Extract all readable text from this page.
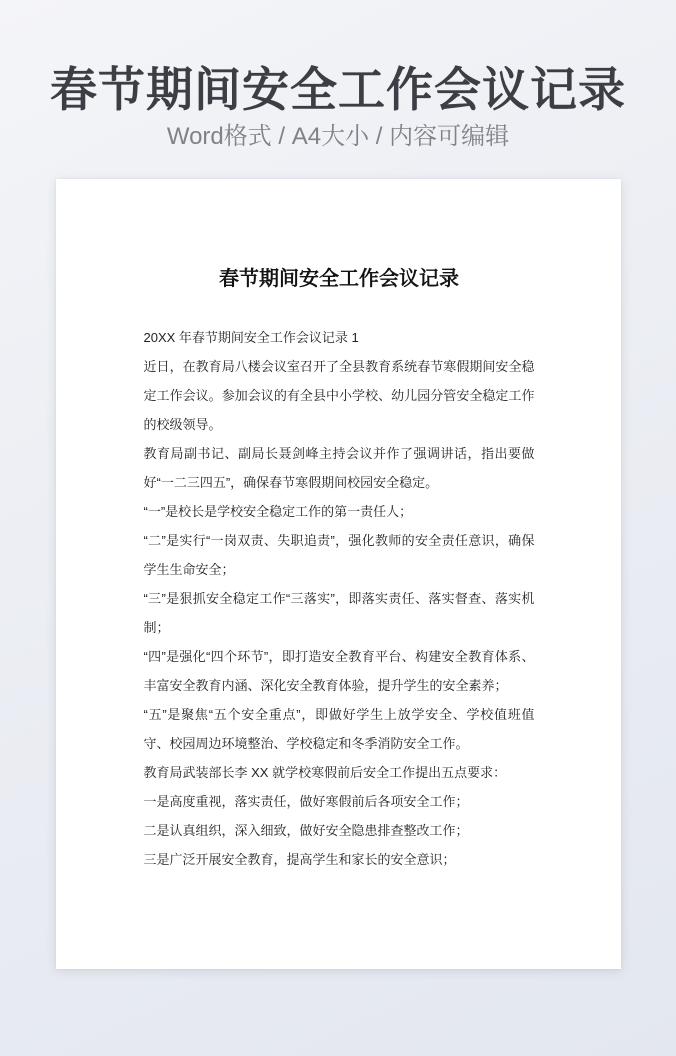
春节期间安全工作会议记录
Word格式 / A4大小 / 内容可编辑
春节期间安全工作会议记录

20XX 年春节期间安全工作会议记录 1

近日，在教育局八楼会议室召开了全县教育系统春节寒假期间安全稳定工作会议。参加会议的有全县中小学校、幼儿园分管安全稳定工作的校级领导。

教育局副书记、副局长聂剑峰主持会议并作了强调讲话，指出要做好“一二三四五”，确保春节寒假期间校园安全稳定。

“一”是校长是学校安全稳定工作的第一责任人；

“二”是实行“一岗双责、失职追责”，强化教师的安全责任意识，确保学生生命安全；

“三”是狠抓安全稳定工作“三落实”，即落实责任、落实督查、落实机制；

“四”是强化“四个环节”，即打造安全教育平台、构建安全教育体系、丰富安全教育内涵、深化安全教育体验，提升学生的安全素养；

“五”是聚焦“五个安全重点”，即做好学生上放学安全、学校值班值守、校园周边环境整治、学校稳定和冬季消防安全工作。

教育局武装部长李 XX 就学校寒假前后安全工作提出五点要求：

一是高度重视，落实责任，做好寒假前后各项安全工作；

二是认真组织，深入细致，做好安全隐患排查整改工作；

三是广泛开展安全教育，提高学生和家长的安全意识；
